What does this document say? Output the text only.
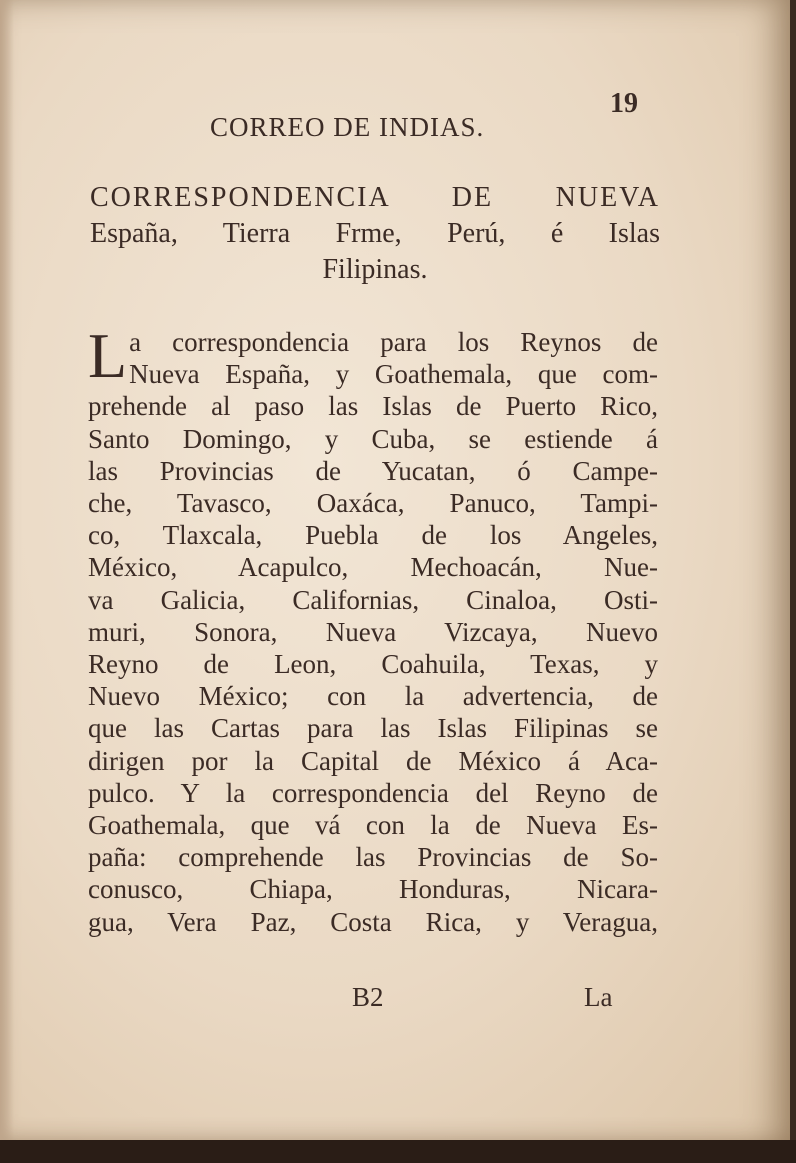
CORREO DE INDIAS.
19
CORRESPONDENCIA DE NUEVA
España, Tierra Frme, Perú, é Islas
Filipinas.
L a correspondencia para los Reynos de
Nueva España, y Goathemala, que com-
prehende al paso las Islas de Puerto Rico,
Santo Domingo, y Cuba, se estiende á
las Provincias de Yucatan, ó Campe-
che, Tavasco, Oaxáca, Panuco, Tampi-
co, Tlaxcala, Puebla de los Angeles,
México, Acapulco, Mechoacán, Nue-
va Galicia, Californias, Cinaloa, Osti-
muri, Sonora, Nueva Vizcaya, Nuevo
Reyno de Leon, Coahuila, Texas, y
Nuevo México; con la advertencia, de
que las Cartas para las Islas Filipinas se
dirigen por la Capital de México á Aca-
pulco. Y la correspondencia del Reyno de
Goathemala, que vá con la de Nueva Es-
paña: comprehende las Provincias de So-
conusco, Chiapa, Honduras, Nicara-
gua, Vera Paz, Costa Rica, y Veragua,
B2	La
